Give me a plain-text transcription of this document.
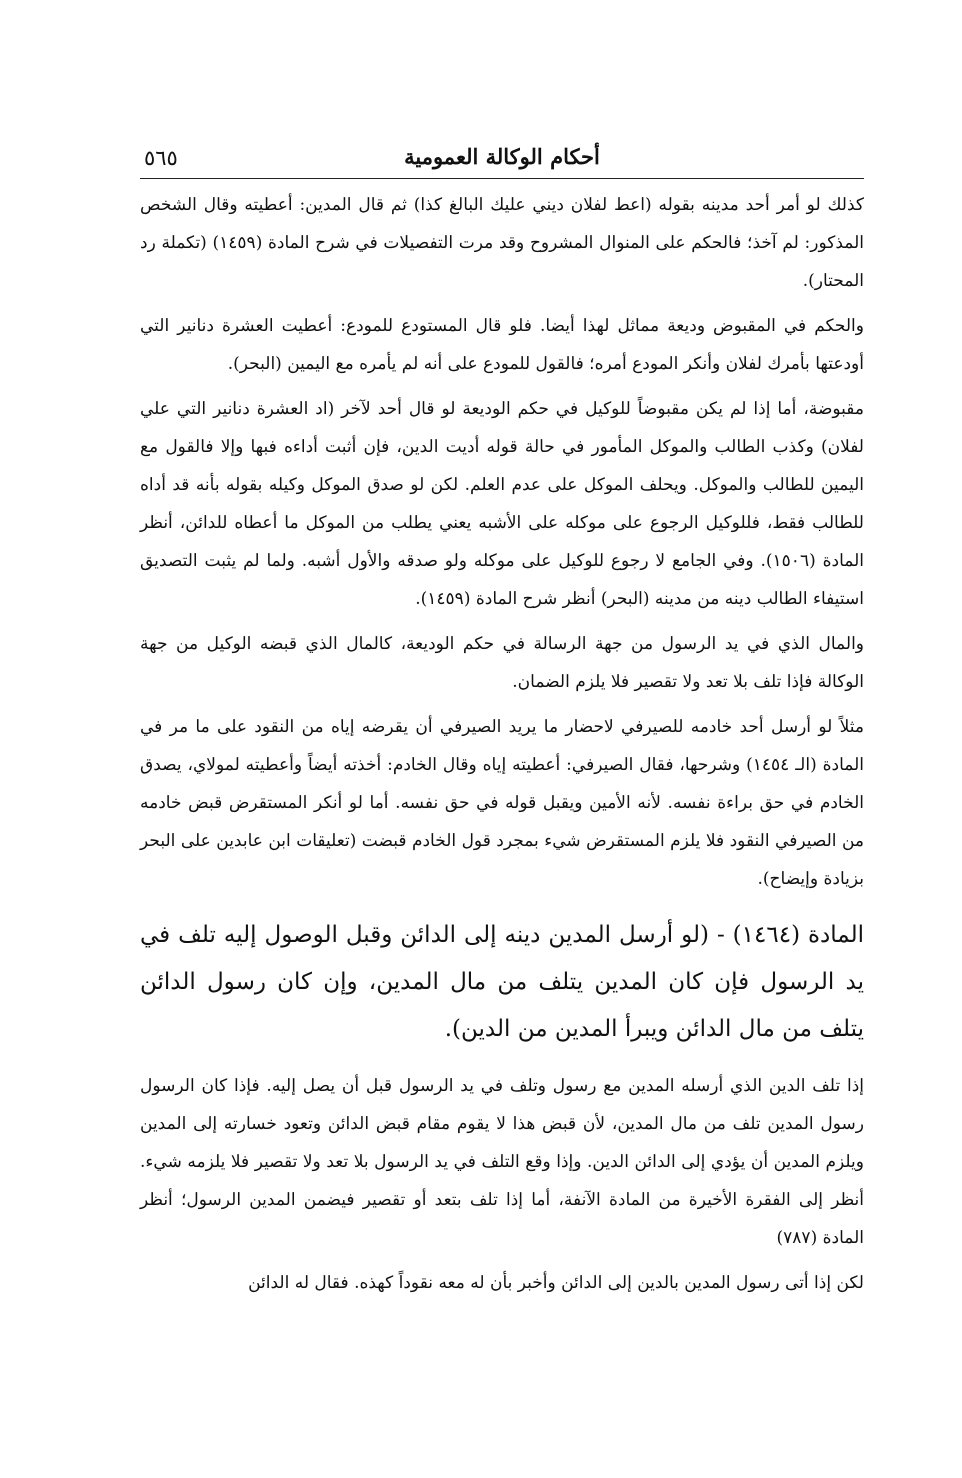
أحكام الوكالة العمومية
٥٦٥

كذلك لو أمر أحد مدينه بقوله (اعط لفلان ديني عليك البالغ كذا) ثم قال المدين: أعطيته وقال الشخص المذكور: لم آخذ؛ فالحكم على المنوال المشروح وقد مرت التفصيلات في شرح المادة (١٤٥٩) (تكملة رد المحتار).

والحكم في المقبوض وديعة مماثل لهذا أيضا. فلو قال المستودع للمودع: أعطيت العشرة دنانير التي أودعتها بأمرك لفلان وأنكر المودع أمره؛ فالقول للمودع على أنه لم يأمره مع اليمين (البحر).

مقبوضة، أما إذا لم يكن مقبوضاً للوكيل في حكم الوديعة لو قال أحد لآخر (اد العشرة دنانير التي علي لفلان) وكذب الطالب والموكل المأمور في حالة قوله أديت الدين، فإن أثبت أداءه فبها وإلا فالقول مع اليمين للطالب والموكل. ويحلف الموكل على عدم العلم. لكن لو صدق الموكل وكيله بقوله بأنه قد أداه للطالب فقط، فللوكيل الرجوع على موكله على الأشبه يعني يطلب من الموكل ما أعطاه للدائن، أنظر المادة (١٥٠٦). وفي الجامع لا رجوع للوكيل على موكله ولو صدقه والأول أشبه. ولما لم يثبت التصديق استيفاء الطالب دينه من مدينه (البحر) أنظر شرح المادة (١٤٥٩).

والمال الذي في يد الرسول من جهة الرسالة في حكم الوديعة، كالمال الذي قبضه الوكيل من جهة الوكالة فإذا تلف بلا تعد ولا تقصير فلا يلزم الضمان.

مثلاً لو أرسل أحد خادمه للصيرفي لاحضار ما يريد الصيرفي أن يقرضه إياه من النقود على ما مر في المادة (الـ ١٤٥٤) وشرحها، فقال الصيرفي: أعطيته إياه وقال الخادم: أخذته أيضاً وأعطيته لمولاي، يصدق الخادم في حق براءة نفسه. لأنه الأمين ويقبل قوله في حق نفسه. أما لو أنكر المستقرض قبض خادمه من الصيرفي النقود فلا يلزم المستقرض شيء بمجرد قول الخادم قبضت (تعليقات ابن عابدين على البحر بزيادة وإيضاح).

المادة (١٤٦٤) - (لو أرسل المدين دينه إلى الدائن وقبل الوصول إليه تلف في يد الرسول فإن كان المدين يتلف من مال المدين، وإن كان رسول الدائن يتلف من مال الدائن ويبرأ المدين من الدين).

إذا تلف الدين الذي أرسله المدين مع رسول وتلف في يد الرسول قبل أن يصل إليه. فإذا كان الرسول رسول المدين تلف من مال المدين، لأن قبض هذا لا يقوم مقام قبض الدائن وتعود خسارته إلى المدين ويلزم المدين أن يؤدي إلى الدائن الدين. وإذا وقع التلف في يد الرسول بلا تعد ولا تقصير فلا يلزمه شيء. أنظر إلى الفقرة الأخيرة من المادة الآنفة، أما إذا تلف بتعد أو تقصير فيضمن المدين الرسول؛ أنظر المادة (٧٨٧)

لكن إذا أتى رسول المدين بالدين إلى الدائن وأخبر بأن له معه نقوداً كهذه. فقال له الدائن
